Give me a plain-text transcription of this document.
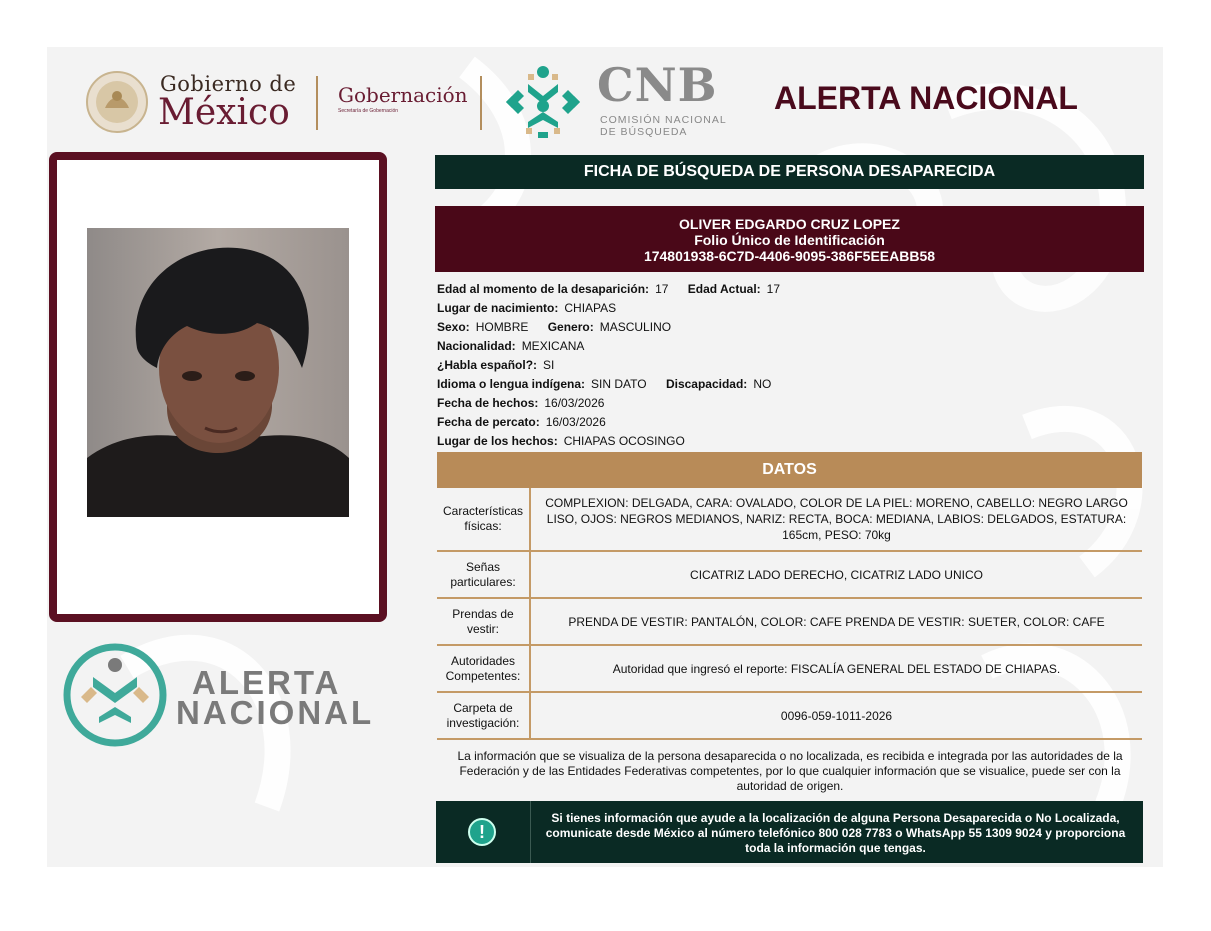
Gobierno de
México Gobernación
Secretaría de Gobernación	CNB
COMISIÓN NACIONAL
DE BÚSQUEDA
ALERTA NACIONAL
ALERTA
NACIONAL
FICHA DE BÚSQUEDA DE PERSONA DESAPARECIDA
OLIVER EDGARDO CRUZ LOPEZ
Folio Único de Identificación
174801938-6C7D-4406-9095-386F5EEABB58
Edad al momento de la desaparición: 17 Edad Actual: 17
Lugar de nacimiento: CHIAPAS
Sexo: HOMBRE Genero: MASCULINO
Nacionalidad: MEXICANA
¿Habla español?: SI
Idioma o lengua indígena: SIN DATO Discapacidad: NO
Fecha de hechos: 16/03/2026
Fecha de percato: 16/03/2026
Lugar de los hechos: CHIAPAS OCOSINGO
DATOS
Características físicas:
COMPLEXION: DELGADA, CARA: OVALADO, COLOR DE LA PIEL: MORENO, CABELLO: NEGRO LARGO LISO, OJOS: NEGROS MEDIANOS, NARIZ: RECTA, BOCA: MEDIANA, LABIOS: DELGADOS, ESTATURA: 165cm, PESO: 70kg
Señas particulares:	CICATRIZ LADO DERECHO, CICATRIZ LADO UNICO
Prendas de vestir:	PRENDA DE VESTIR: PANTALÓN, COLOR: CAFE PRENDA DE VESTIR: SUETER, COLOR: CAFE
Autoridades Competentes:	Autoridad que ingresó el reporte: FISCALÍA GENERAL DEL ESTADO DE CHIAPAS.
Carpeta de investigación:	0096-059-1011-2026
La información que se visualiza de la persona desaparecida o no localizada, es recibida e integrada por las autoridades de la Federación y de las Entidades Federativas competentes, por lo que cualquier información que se visualice, puede ser con la autoridad de origen.
!
Si tienes información que ayude a la localización de alguna Persona Desaparecida o No Localizada, comunicate desde México al número telefónico 800 028 7783 o WhatsApp 55 1309 9024 y proporciona toda la información que tengas.
